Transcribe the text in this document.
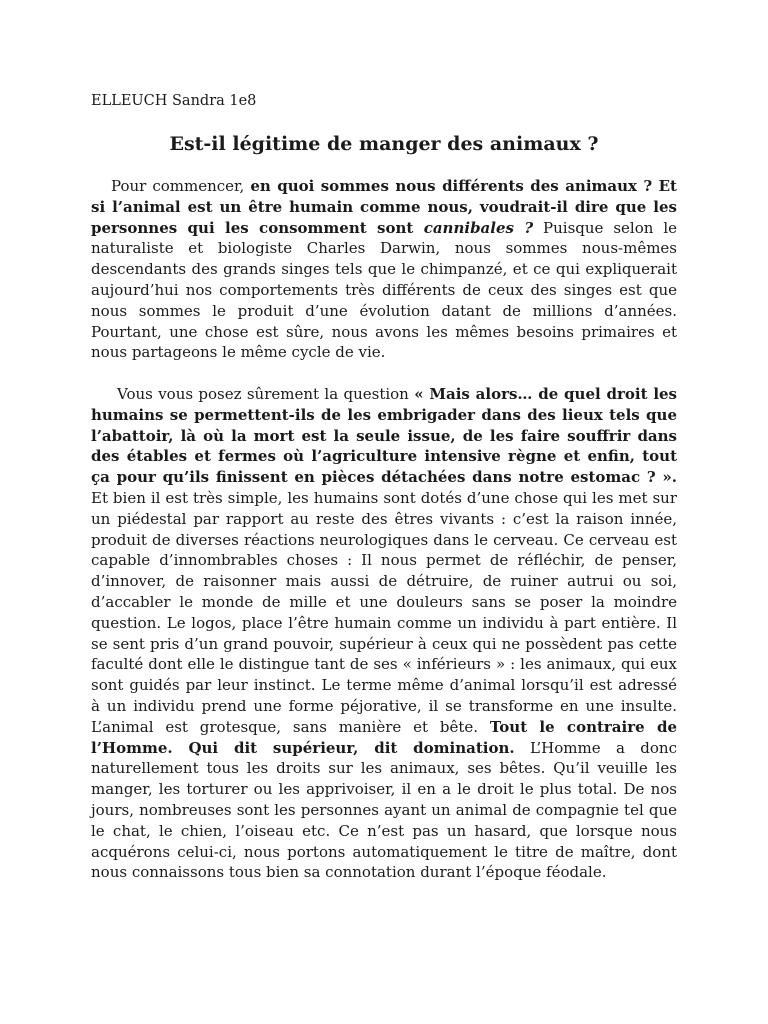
ELLEUCH Sandra 1e8

Est-il légitime de manger des animaux ?

Pour commencer, en quoi sommes nous différents des animaux ? Et si l’animal est un être humain comme nous, voudrait-il dire que les personnes qui les consomment sont cannibales ? Puisque selon le naturaliste et biologiste Charles Darwin, nous sommes nous-mêmes descendants des grands singes tels que le chimpanzé, et ce qui expliquerait aujourd’hui nos comportements très différents de ceux des singes est que nous sommes le produit d’une évolution datant de millions d’années. Pourtant, une chose est sûre, nous avons les mêmes besoins primaires et nous partageons le même cycle de vie.

Vous vous posez sûrement la question « Mais alors… de quel droit les humains se permettent-ils de les embrigader dans des lieux tels que l’abattoir, là où la mort est la seule issue, de les faire souffrir dans des étables et fermes où l’agriculture intensive règne et enfin, tout ça pour qu’ils finissent en pièces détachées dans notre estomac ? ». Et bien il est très simple, les humains sont dotés d’une chose qui les met sur un piédestal par rapport au reste des êtres vivants : c’est la raison innée, produit de diverses réactions neurologiques dans le cerveau. Ce cerveau est capable d’innombrables choses : Il nous permet de réfléchir, de penser, d’innover, de raisonner mais aussi de détruire, de ruiner autrui ou soi, d’accabler le monde de mille et une douleurs sans se poser la moindre question. Le logos, place l’être humain comme un individu à part entière. Il se sent pris d’un grand pouvoir, supérieur à ceux qui ne possèdent pas cette faculté dont elle le distingue tant de ses « inférieurs » : les animaux, qui eux sont guidés par leur instinct. Le terme même d’animal lorsqu’il est adressé à un individu prend une forme péjorative, il se transforme en une insulte. L’animal est grotesque, sans manière et bête. Tout le contraire de l’Homme. Qui dit supérieur, dit domination. L’Homme a donc naturellement tous les droits sur les animaux, ses bêtes. Qu’il veuille les manger, les torturer ou les apprivoiser, il en a le droit le plus total. De nos jours, nombreuses sont les personnes ayant un animal de compagnie tel que le chat, le chien, l’oiseau etc. Ce n’est pas un hasard, que lorsque nous acquérons celui-ci, nous portons automatiquement le titre de maître, dont nous connaissons tous bien sa connotation durant l’époque féodale.
